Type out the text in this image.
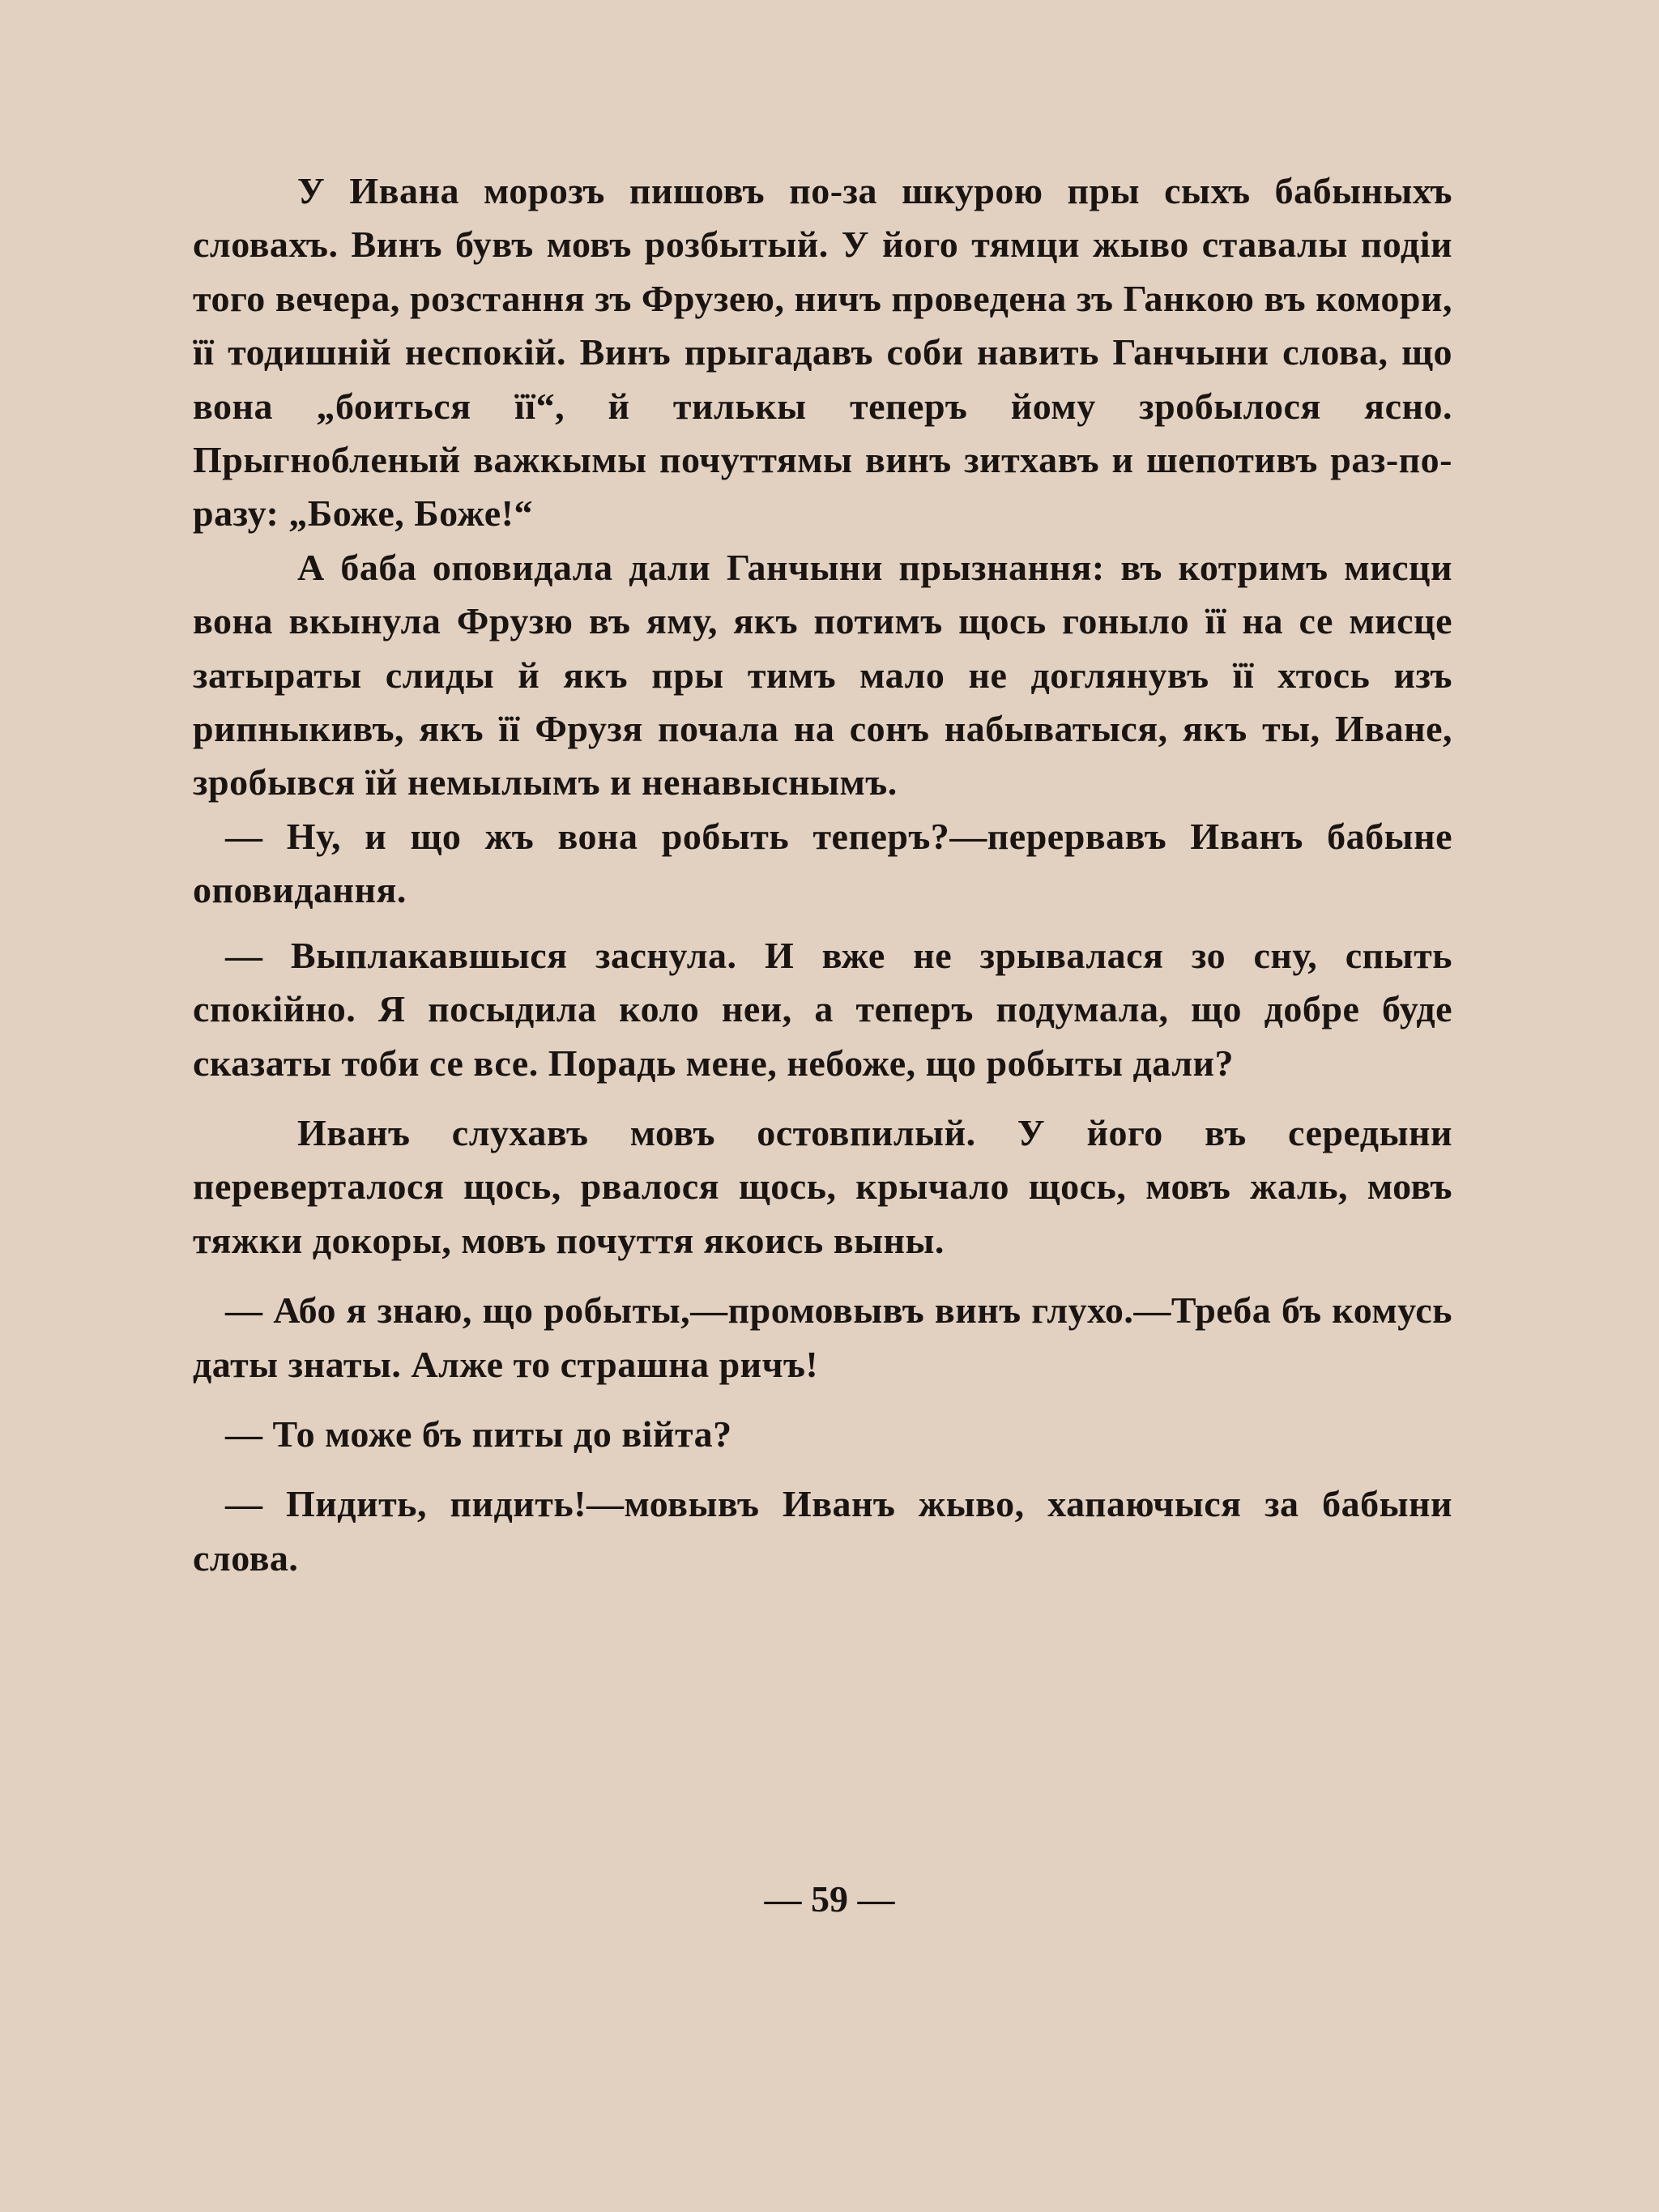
У Ивана морозъ пишовъ по-за шкурою пры сыхъ бабыныхъ словахъ. Винъ бувъ мовъ розбытый. У його тямци жыво ставалы подіи того вечера, розстання зъ Фрузею, ничъ проведена зъ Ганкою въ комори, її тодишній неспокій. Винъ прыгадавъ соби навить Ганчыни слова, що вона „боиться її“, й тилькы теперъ йому зробылося ясно. Прыгнобленый важкымы почуттямы винъ зитхавъ и шепотивъ раз-по-разу: „Боже, Боже!“

А баба оповидала дали Ганчыни прызнання: въ котримъ мисци вона вкынула Фрузю въ яму, якъ потимъ щось гоныло її на се мисце затыраты слиды й якъ пры тимъ мало не доглянувъ її хтось изъ рипныкивъ, якъ її Фрузя почала на сонъ набыватыся, якъ ты, Иване, зробывся їй немылымъ и ненавыснымъ.

— Ну, и що жъ вона робыть теперъ?—перервавъ Иванъ бабыне оповидання.

— Выплакавшыся заснула. И вже не зрывалася зо сну, спыть спокійно. Я посыдила коло неи, а теперъ подумала, що добре буде сказаты тоби се все. Порадь мене, небоже, що робыты дали?

Иванъ слухавъ мовъ остовпилый. У його въ середыни переверталося щось, рвалося щось, крычало щось, мовъ жаль, мовъ тяжки докоры, мовъ почуття якоись выны.

— Або я знаю, що робыты,—промовывъ винъ глухо.—Треба бъ комусь даты знаты. Алже то страшна ричъ!

— То може бъ питы до війта?

— Пидить, пидить!—мовывъ Иванъ жыво, хапаючыся за бабыни слова.

— 59 —
